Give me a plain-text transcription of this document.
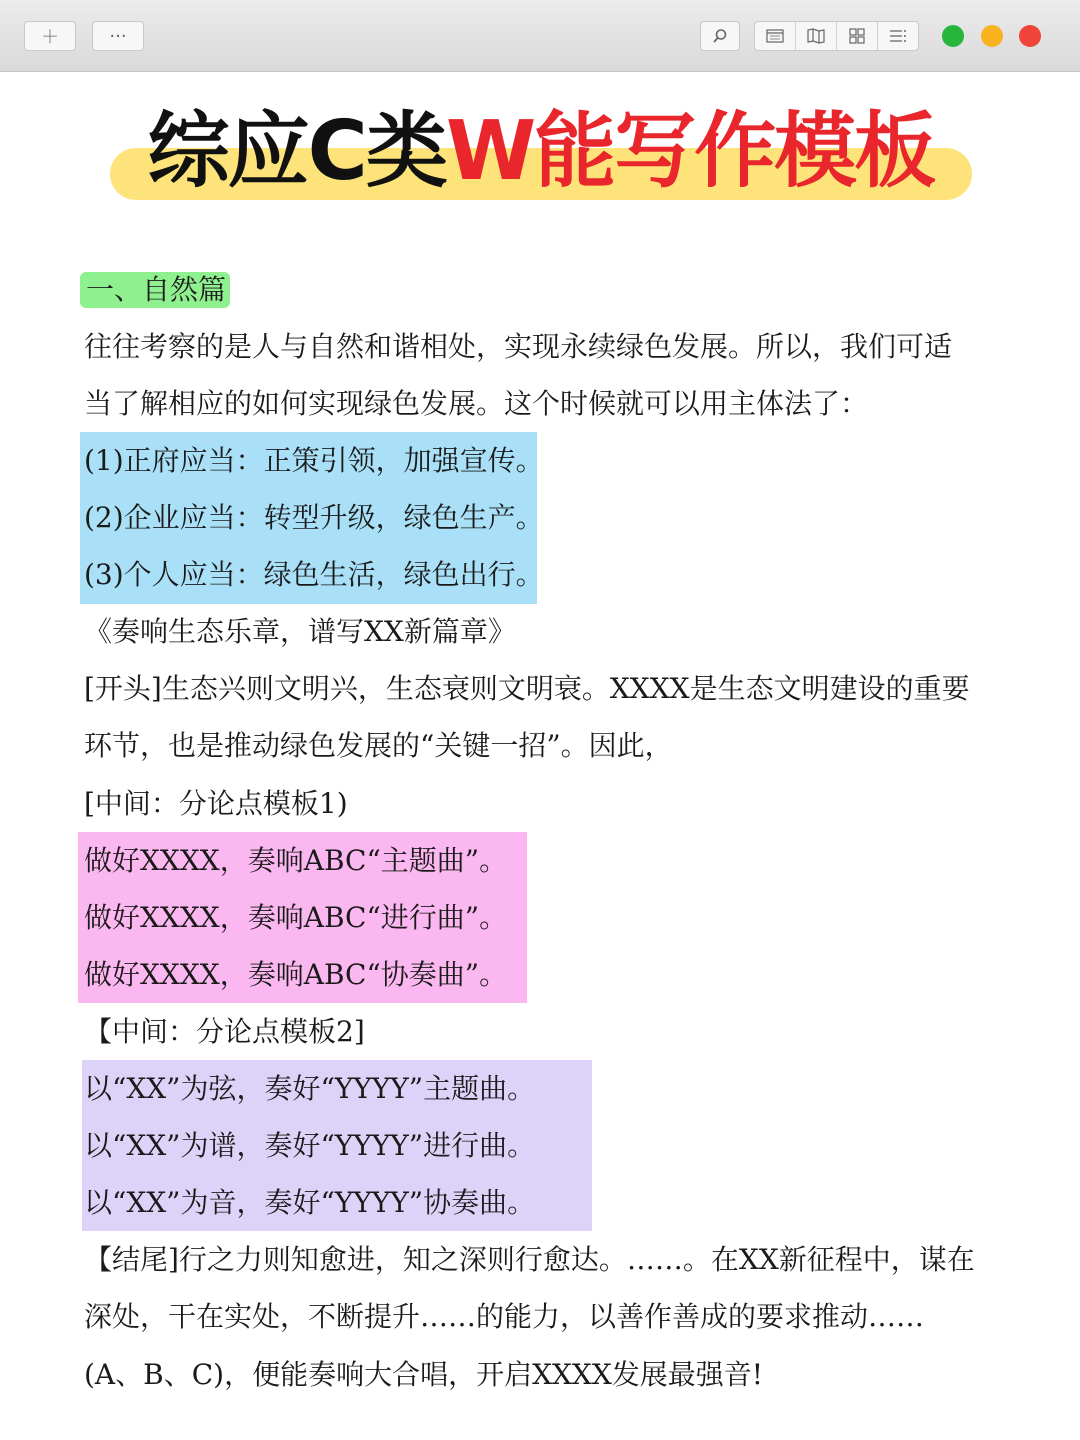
＋	···
综应C类W能写作模板
一、自然篇
往往考察的是人与自然和谐相处，实现永续绿色发展。所以，我们可适
当了解相应的如何实现绿色发展。这个时候就可以用主体法了：
(1)正府应当：正策引领，加强宣传。
(2)企业应当：转型升级，绿色生产。
(3)个人应当：绿色生活，绿色出行。
《奏响生态乐章，谱写XX新篇章》
[开头]生态兴则文明兴，生态衰则文明衰。XXXX是生态文明建设的重要
环节，也是推动绿色发展的“关键一招”。因此，
[中间：分论点模板1)
做好XXXX，奏响ABC“主题曲”。
做好XXXX，奏响ABC“进行曲”。
做好XXXX，奏响ABC“协奏曲”。
【中间：分论点模板2]
以“XX”为弦，奏好“YYYY”主题曲。
以“XX”为谱，奏好“YYYY”进行曲。
以“XX”为音，奏好“YYYY”协奏曲。
【结尾]行之力则知愈进，知之深则行愈达。……。在XX新征程中，谋在
深处，干在实处，不断提升……的能力，以善作善成的要求推动……
(A、B、C)，便能奏响大合唱，开启XXXX发展最强音!
